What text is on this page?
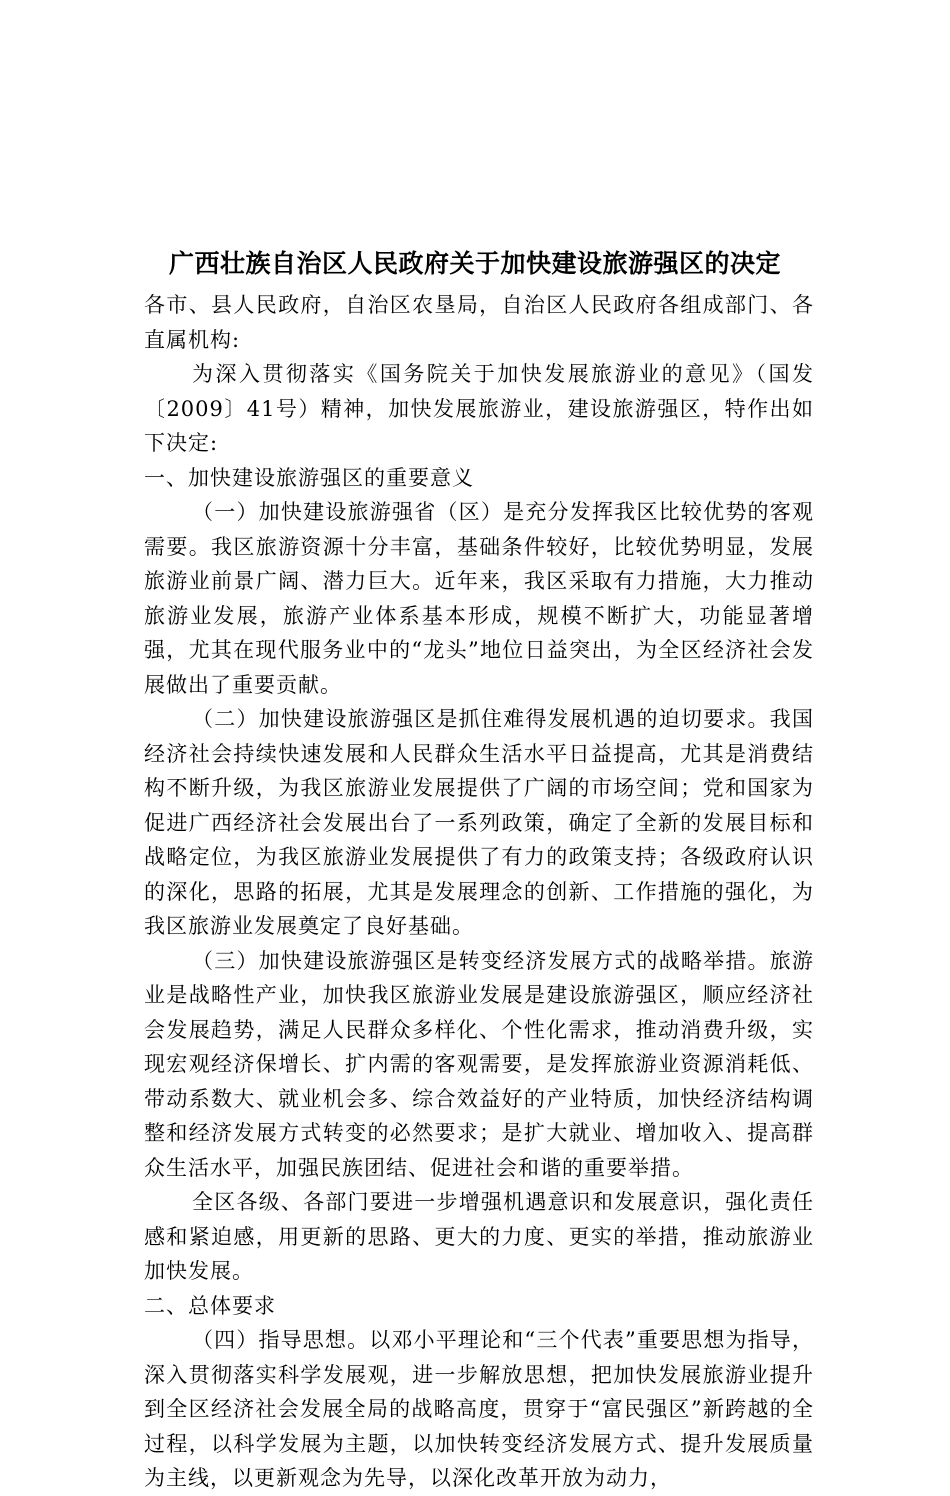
广西壮族自治区人民政府关于加快建设旅游强区的决定

各市、县人民政府，自治区农垦局，自治区人民政府各组成部门、各直属机构:

为深入贯彻落实《国务院关于加快发展旅游业的意见》（国发〔2009〕41号）精神，加快发展旅游业，建设旅游强区，特作出如下决定:

一、加快建设旅游强区的重要意义

（一）加快建设旅游强省（区）是充分发挥我区比较优势的客观需要。我区旅游资源十分丰富，基础条件较好，比较优势明显，发展旅游业前景广阔、潜力巨大。近年来，我区采取有力措施，大力推动旅游业发展，旅游产业体系基本形成，规模不断扩大，功能显著增强，尤其在现代服务业中的“龙头”地位日益突出，为全区经济社会发展做出了重要贡献。

（二）加快建设旅游强区是抓住难得发展机遇的迫切要求。我国经济社会持续快速发展和人民群众生活水平日益提高，尤其是消费结构不断升级，为我区旅游业发展提供了广阔的市场空间；党和国家为促进广西经济社会发展出台了一系列政策，确定了全新的发展目标和战略定位，为我区旅游业发展提供了有力的政策支持；各级政府认识的深化，思路的拓展，尤其是发展理念的创新、工作措施的强化，为我区旅游业发展奠定了良好基础。

（三）加快建设旅游强区是转变经济发展方式的战略举措。旅游业是战略性产业，加快我区旅游业发展是建设旅游强区，顺应经济社会发展趋势，满足人民群众多样化、个性化需求，推动消费升级，实现宏观经济保增长、扩内需的客观需要，是发挥旅游业资源消耗低、带动系数大、就业机会多、综合效益好的产业特质，加快经济结构调整和经济发展方式转变的必然要求；是扩大就业、增加收入、提高群众生活水平，加强民族团结、促进社会和谐的重要举措。

全区各级、各部门要进一步增强机遇意识和发展意识，强化责任感和紧迫感，用更新的思路、更大的力度、更实的举措，推动旅游业加快发展。

二、总体要求

（四）指导思想。以邓小平理论和“三个代表”重要思想为指导，深入贯彻落实科学发展观，进一步解放思想，把加快发展旅游业提升到全区经济社会发展全局的战略高度，贯穿于“富民强区”新跨越的全过程，以科学发展为主题，以加快转变经济发展方式、提升发展质量为主线，以更新观念为先导，以深化改革开放为动力，
